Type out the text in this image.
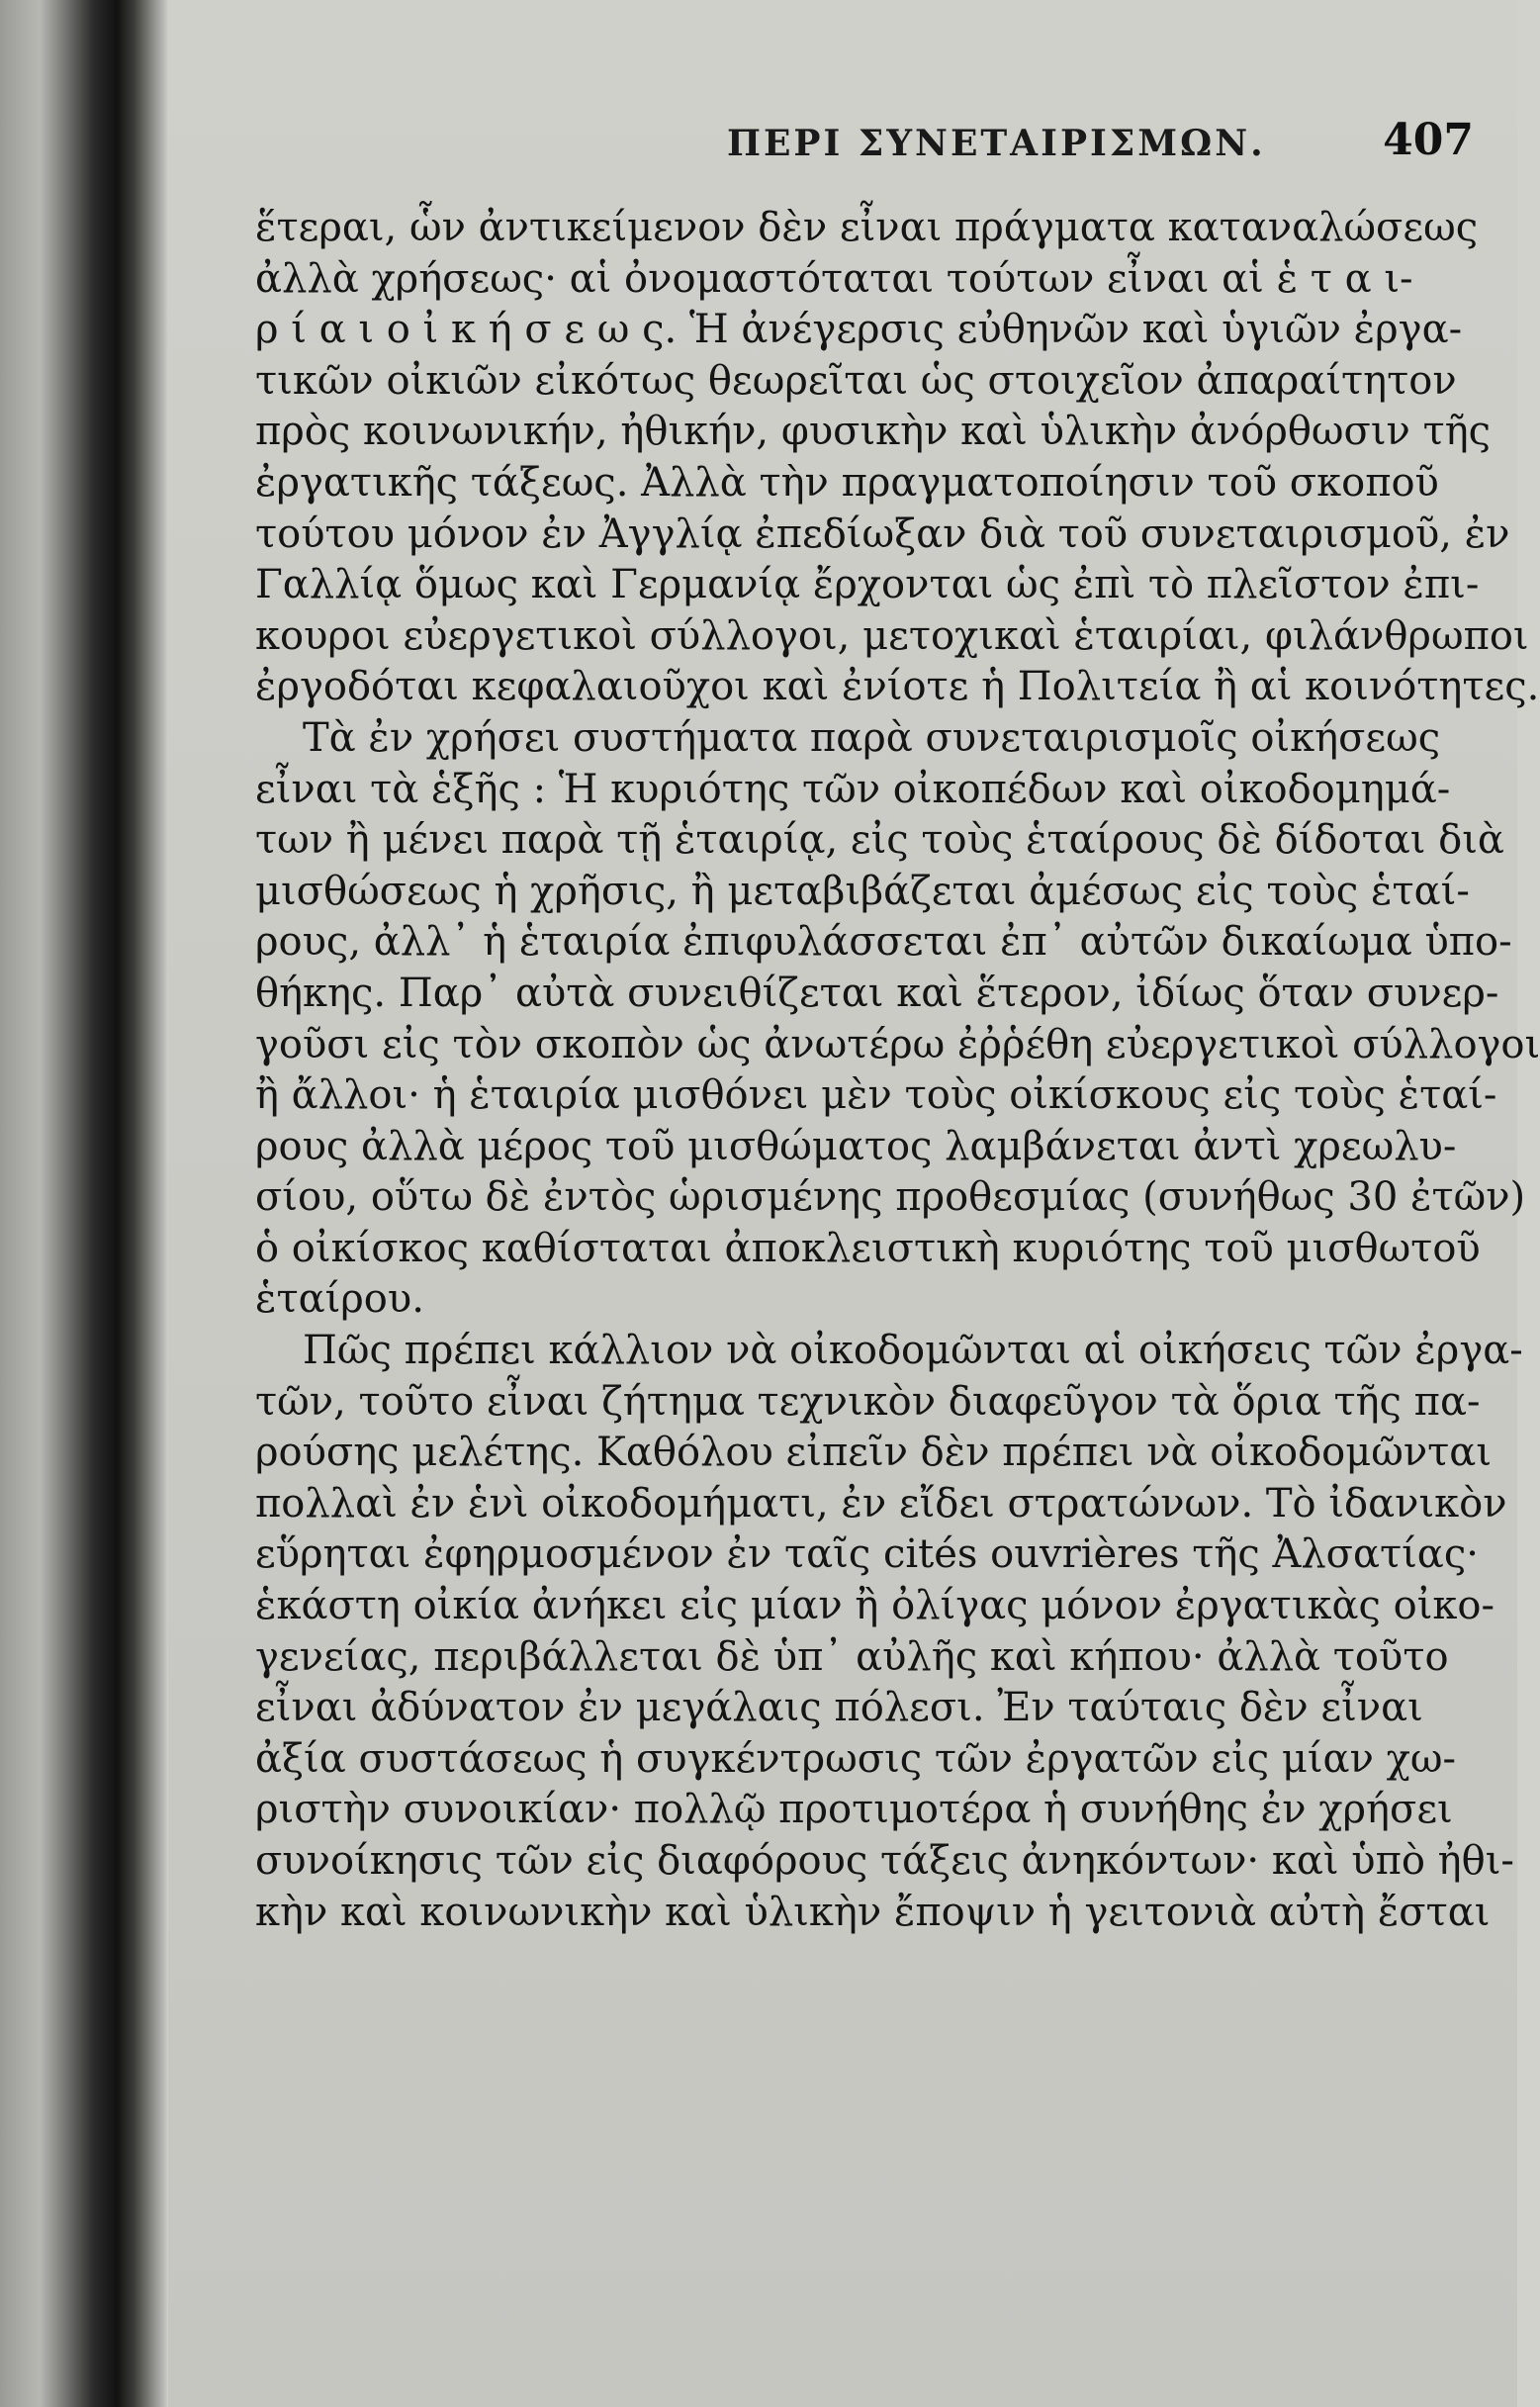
ΠΕΡΙ ΣΥΝΕΤΑΙΡΙΣΜΩΝ.	407
ἕτεραι, ὧν ἀντικείμενον δὲν εἶναι πράγματα καταναλώσεως
ἀλλὰ χρήσεως· αἱ ὀνομαστόταται τούτων εἶναι αἱ ἑ τ α ι-
ρ ί α ι ο ἰ κ ή σ ε ω ς. Ἡ ἀνέγερσις εὐθηνῶν καὶ ὑγιῶν ἐργα-
τικῶν οἰκιῶν εἰκότως θεωρεῖται ὡς στοιχεῖον ἀπαραίτητον
πρὸς κοινωνικήν, ἠθικήν, φυσικὴν καὶ ὑλικὴν ἀνόρθωσιν τῆς
ἐργατικῆς τάξεως. Ἀλλὰ τὴν πραγματοποίησιν τοῦ σκοποῦ
τούτου μόνον ἐν Ἀγγλίᾳ ἐπεδίωξαν διὰ τοῦ συνεταιρισμοῦ, ἐν
Γαλλίᾳ ὅμως καὶ Γερμανίᾳ ἔρχονται ὡς ἐπὶ τὸ πλεῖστον ἐπι-
κουροι εὐεργετικοὶ σύλλογοι, μετοχικαὶ ἑταιρίαι, φιλάνθρωποι
ἐργοδόται κεφαλαιοῦχοι καὶ ἐνίοτε ἡ Πολιτεία ἢ αἱ κοινότητες.
Τὰ ἐν χρήσει συστήματα παρὰ συνεταιρισμοῖς οἰκήσεως
εἶναι τὰ ἑξῆς : Ἡ κυριότης τῶν οἰκοπέδων καὶ οἰκοδομημά-
των ἢ μένει παρὰ τῇ ἑταιρίᾳ, εἰς τοὺς ἑταίρους δὲ δίδοται διὰ
μισθώσεως ἡ χρῆσις, ἢ μεταβιβάζεται ἀμέσως εἰς τοὺς ἑταί-
ρους, ἀλλ᾽ ἡ ἑταιρία ἐπιφυλάσσεται ἐπ᾽ αὐτῶν δικαίωμα ὑπο-
θήκης. Παρ᾽ αὐτὰ συνειθίζεται καὶ ἕτερον, ἰδίως ὅταν συνερ-
γοῦσι εἰς τὸν σκοπὸν ὡς ἀνωτέρω ἐῤῥέθη εὐεργετικοὶ σύλλογοι
ἢ ἄλλοι· ἡ ἑταιρία μισθόνει μὲν τοὺς οἰκίσκους εἰς τοὺς ἑταί-
ρους ἀλλὰ μέρος τοῦ μισθώματος λαμβάνεται ἀντὶ χρεωλυ-
σίου, οὕτω δὲ ἐντὸς ὡρισμένης προθεσμίας (συνήθως 30 ἐτῶν)
ὁ οἰκίσκος καθίσταται ἀποκλειστικὴ κυριότης τοῦ μισθωτοῦ
ἑταίρου.
Πῶς πρέπει κάλλιον νὰ οἰκοδομῶνται αἱ οἰκήσεις τῶν ἐργα-
τῶν, τοῦτο εἶναι ζήτημα τεχνικὸν διαφεῦγον τὰ ὅρια τῆς πα-
ρούσης μελέτης. Καθόλου εἰπεῖν δὲν πρέπει νὰ οἰκοδομῶνται
πολλαὶ ἐν ἑνὶ οἰκοδομήματι, ἐν εἴδει στρατώνων. Τὸ ἰδανικὸν
εὕρηται ἐφηρμοσμένον ἐν ταῖς cités ouvrières τῆς Ἀλσατίας·
ἑκάστη οἰκία ἀνήκει εἰς μίαν ἢ ὀλίγας μόνον ἐργατικὰς οἰκο-
γενείας, περιβάλλεται δὲ ὑπ᾽ αὐλῆς καὶ κήπου· ἀλλὰ τοῦτο
εἶναι ἀδύνατον ἐν μεγάλαις πόλεσι. Ἐν ταύταις δὲν εἶναι
ἀξία συστάσεως ἡ συγκέντρωσις τῶν ἐργατῶν εἰς μίαν χω-
ριστὴν συνοικίαν· πολλῷ προτιμοτέρα ἡ συνήθης ἐν χρήσει
συνοίκησις τῶν εἰς διαφόρους τάξεις ἀνηκόντων· καὶ ὑπὸ ἠθι-
κὴν καὶ κοινωνικὴν καὶ ὑλικὴν ἔποψιν ἡ γειτονιὰ αὐτὴ ἔσται
